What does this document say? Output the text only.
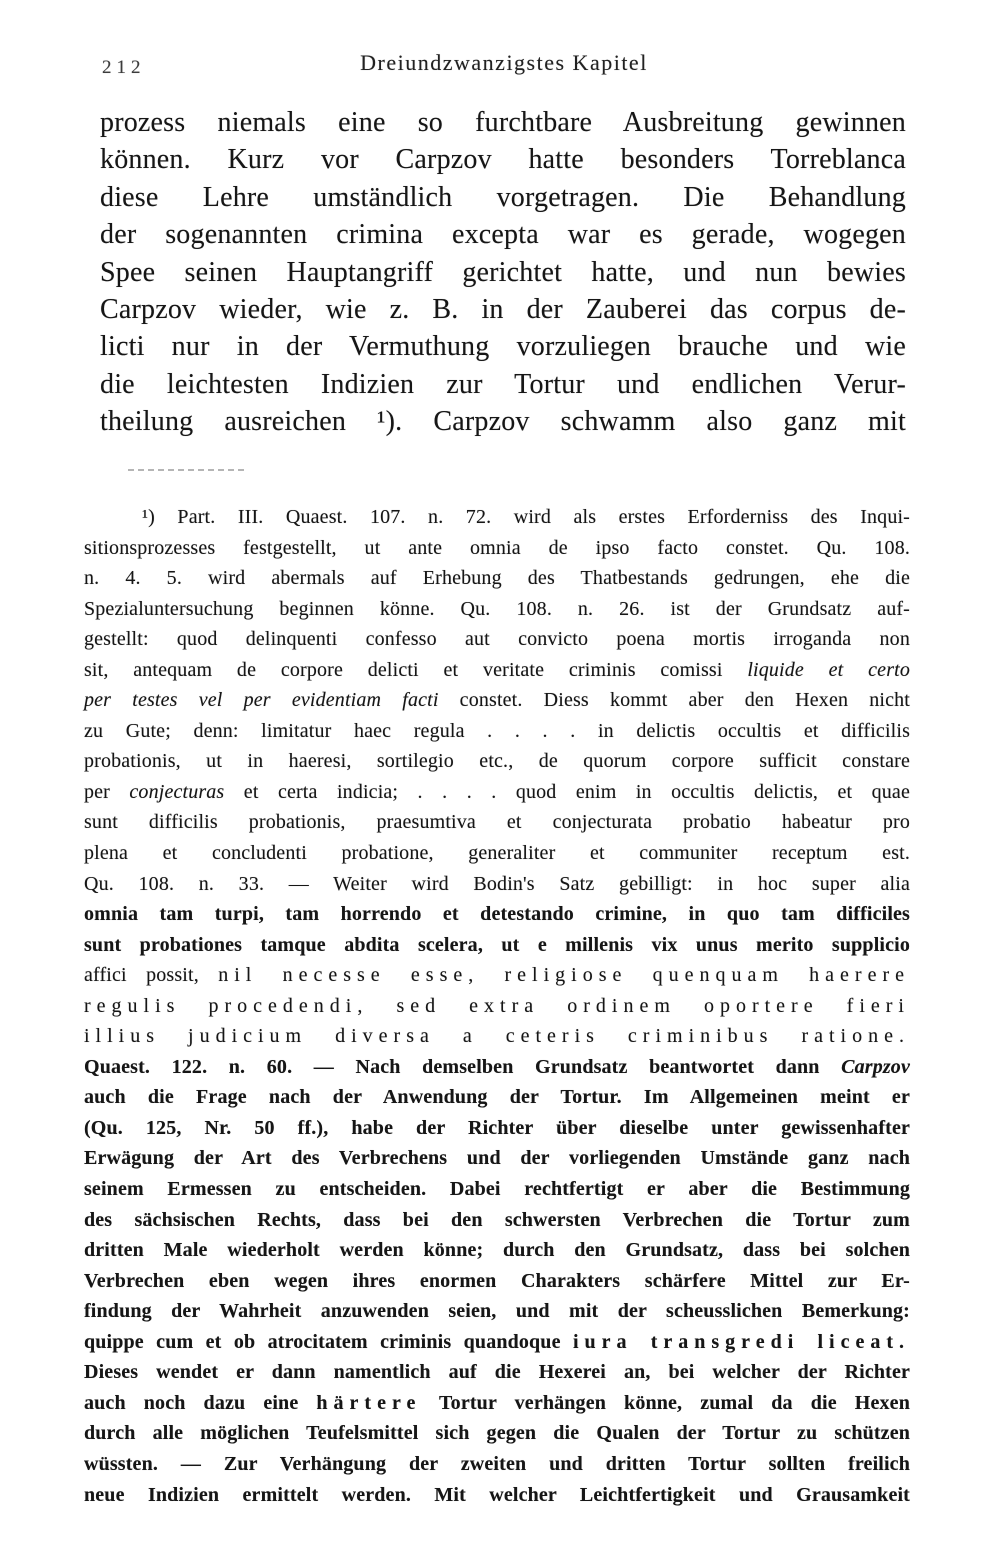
212	Dreiundzwanzigstes Kapitel
prozess niemals eine so furchtbare Ausbreitung gewinnen
können. Kurz vor Carpzov hatte besonders Torreblanca
diese Lehre umständlich vorgetragen. Die Behandlung
der sogenannten crimina excepta war es gerade, wogegen
Spee seinen Hauptangriff gerichtet hatte, und nun bewies
Carpzov wieder, wie z. B. in der Zauberei das corpus de-
licti nur in der Vermuthung vorzuliegen brauche und wie
die leichtesten Indizien zur Tortur und endlichen Verur-
theilung ausreichen ¹). Carpzov schwamm also ganz mit
¹) Part. III. Quaest. 107. n. 72. wird als erstes Erforderniss des Inqui-
sitionsprozesses festgestellt, ut ante omnia de ipso facto constet. Qu. 108.
n. 4. 5. wird abermals auf Erhebung des Thatbestands gedrungen, ehe die
Spezialuntersuchung beginnen könne. Qu. 108. n. 26. ist der Grundsatz auf-
gestellt: quod delinquenti confesso aut convicto poena mortis irroganda non
sit, antequam de corpore delicti et veritate criminis comissi liquide et certo
per testes vel per evidentiam facti constet. Diess kommt aber den Hexen nicht
zu Gute; denn: limitatur haec regula . . . . in delictis occultis et difficilis
probationis, ut in haeresi, sortilegio etc., de quorum corpore sufficit constare
per conjecturas et certa indicia; . . . . quod enim in occultis delictis, et quae
sunt difficilis probationis, praesumtiva et conjecturata probatio habeatur pro
plena et concludenti probatione, generaliter et communiter receptum est.
Qu. 108. n. 33. — Weiter wird Bodin's Satz gebilligt: in hoc super alia
omnia tam turpi, tam horrendo et detestando crimine, in quo tam difficiles
sunt probationes tamque abdita scelera, ut e millenis vix unus merito supplicio
affici possit, nil necesse esse, religiose quenquam haerere
regulis procedendi, sed extra ordinem oportere fieri
illius judicium diversa a ceteris criminibus ratione.
Quaest. 122. n. 60. — Nach demselben Grundsatz beantwortet dann Carpzov
auch die Frage nach der Anwendung der Tortur. Im Allgemeinen meint er
(Qu. 125, Nr. 50 ff.), habe der Richter über dieselbe unter gewissenhafter
Erwägung der Art des Verbrechens und der vorliegenden Umstände ganz nach
seinem Ermessen zu entscheiden. Dabei rechtfertigt er aber die Bestimmung
des sächsischen Rechts, dass bei den schwersten Verbrechen die Tortur zum
dritten Male wiederholt werden könne; durch den Grundsatz, dass bei solchen
Verbrechen eben wegen ihres enormen Charakters schärfere Mittel zur Er-
findung der Wahrheit anzuwenden seien, und mit der scheusslichen Bemerkung:
quippe cum et ob atrocitatem criminis quandoque iura transgredi liceat.
Dieses wendet er dann namentlich auf die Hexerei an, bei welcher der Richter
auch noch dazu eine härtere Tortur verhängen könne, zumal da die Hexen
durch alle möglichen Teufelsmittel sich gegen die Qualen der Tortur zu schützen
wüssten. — Zur Verhängung der zweiten und dritten Tortur sollten freilich
neue Indizien ermittelt werden. Mit welcher Leichtfertigkeit und Grausamkeit
